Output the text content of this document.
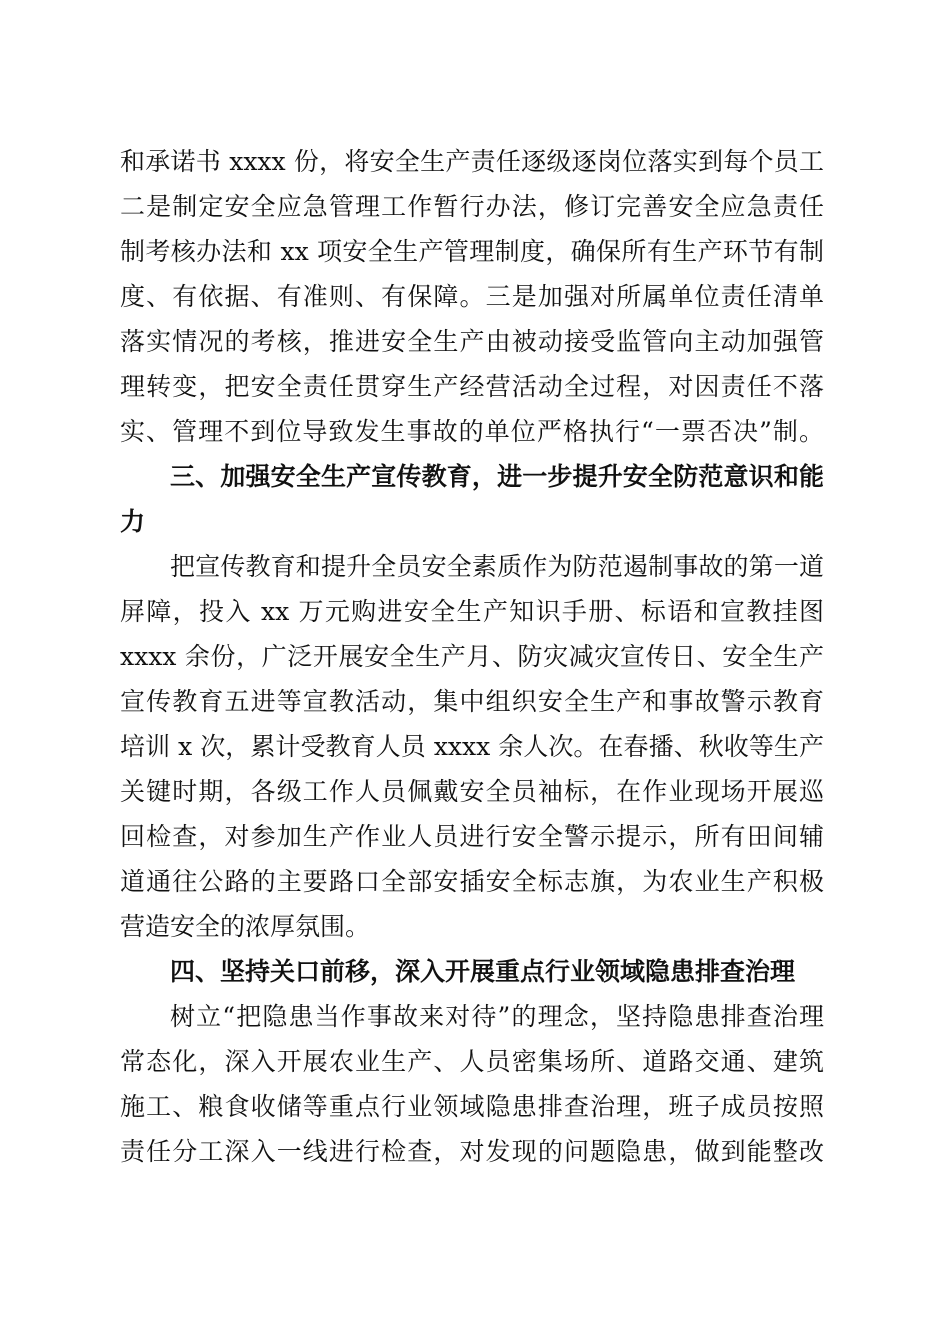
和承诺书 xxxx 份，将安全生产责任逐级逐岗位落实到每个员工
二是制定安全应急管理工作暂行办法，修订完善安全应急责任
制考核办法和 xx 项安全生产管理制度，确保所有生产环节有制
度、有依据、有准则、有保障。三是加强对所属单位责任清单
落实情况的考核，推进安全生产由被动接受监管向主动加强管
理转变，把安全责任贯穿生产经营活动全过程，对因责任不落
实、管理不到位导致发生事故的单位严格执行“一票否决”制。
三、加强安全生产宣传教育，进一步提升安全防范意识和能
力
把宣传教育和提升全员安全素质作为防范遏制事故的第一道
屏障，投入 xx 万元购进安全生产知识手册、标语和宣教挂图
xxxx 余份，广泛开展安全生产月、防灾减灾宣传日、安全生产
宣传教育五进等宣教活动，集中组织安全生产和事故警示教育
培训 x 次，累计受教育人员 xxxx 余人次。在春播、秋收等生产
关键时期，各级工作人员佩戴安全员袖标，在作业现场开展巡
回检查，对参加生产作业人员进行安全警示提示，所有田间辅
道通往公路的主要路口全部安插安全标志旗，为农业生产积极
营造安全的浓厚氛围。
四、坚持关口前移，深入开展重点行业领域隐患排查治理
树立“把隐患当作事故来对待”的理念，坚持隐患排查治理
常态化，深入开展农业生产、人员密集场所、道路交通、建筑
施工、粮食收储等重点行业领域隐患排查治理，班子成员按照
责任分工深入一线进行检查，对发现的问题隐患，做到能整改
